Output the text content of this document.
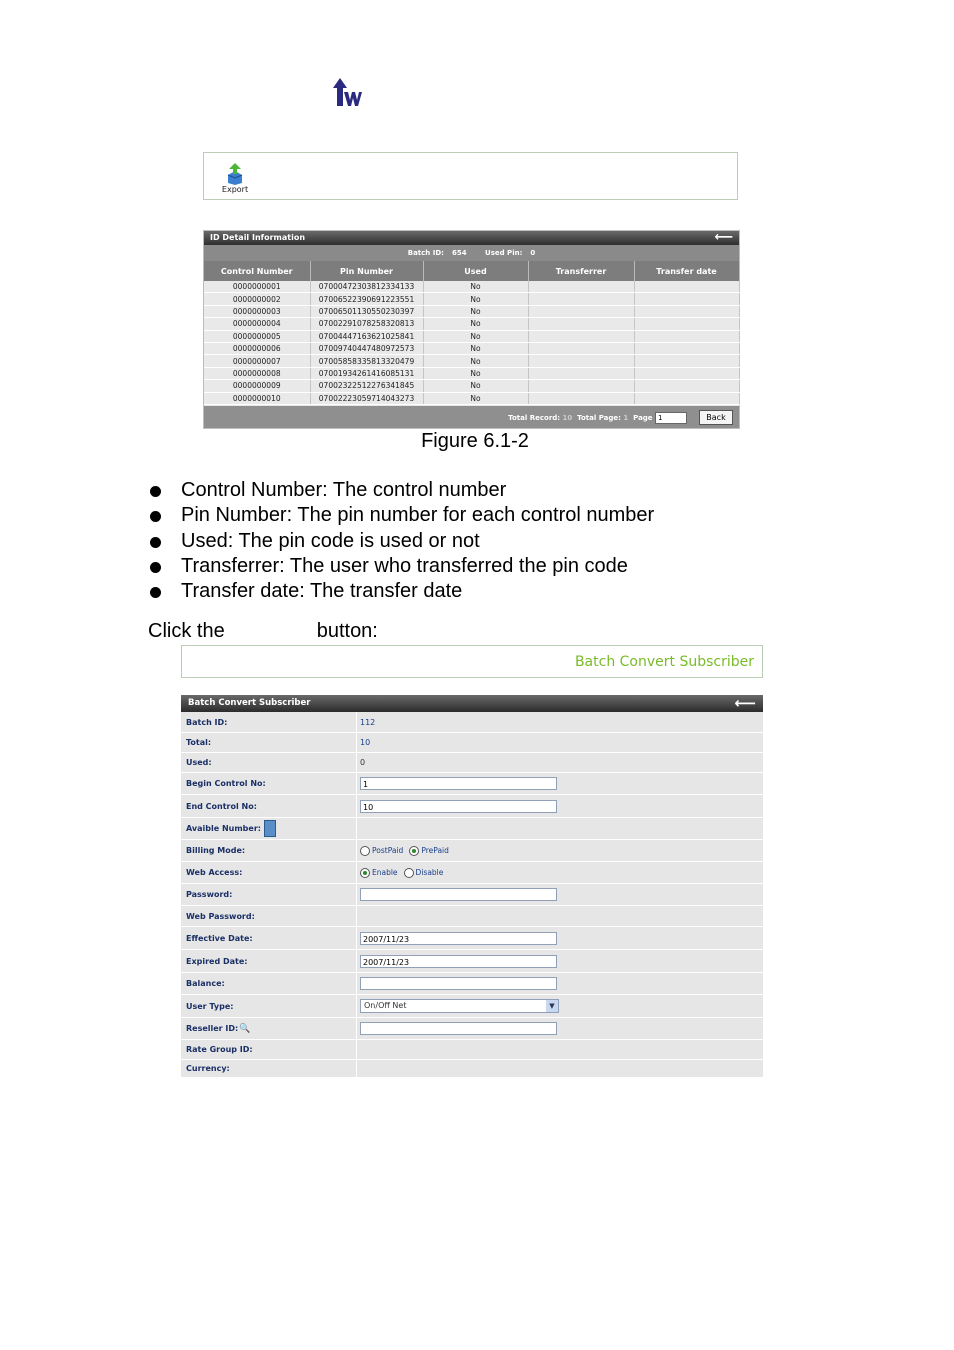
Export
ID Detail Information	⟵
Batch ID: 654	Used Pin: 0
Control Number	Pin Number	Used	Transferrer	Transfer date
0000000001	07000472303812334133	No		
0000000002	07006522390691223551	No		
0000000003	07006501130550230397	No		
0000000004	07002291078258320813	No		
0000000005	07004447163621025841	No		
0000000006	07009740447480972573	No		
0000000007	07005858335813320479	No		
0000000008	07001934261416085131	No		
0000000009	07002322512276341845	No		
0000000010	07002223059714043273	No		
Total Record: 10 Total Page: 1 Page 1	Back
Figure 6.1-2
Control Number: The control number
Pin Number: The pin number for each control number
Used: The pin code is used or not
Transferrer: The user who transferred the pin code
Transfer date: The transfer date
Click the	button:
Batch Convert Subscriber
Batch Convert Subscriber	⟵
Batch ID:	112
Total:	10
Used:	0
Begin Control No:	1
End Control No:	10
Avaible Number:
Billing Mode:	PostPaid PrePaid
Web Access:	Enable Disable
Password:
Web Password:
Effective Date:	2007/11/23
Expired Date:	2007/11/23
Balance:
User Type:	On/Off Net	▼
Reseller ID: 🔍
Rate Group ID:
Currency:
